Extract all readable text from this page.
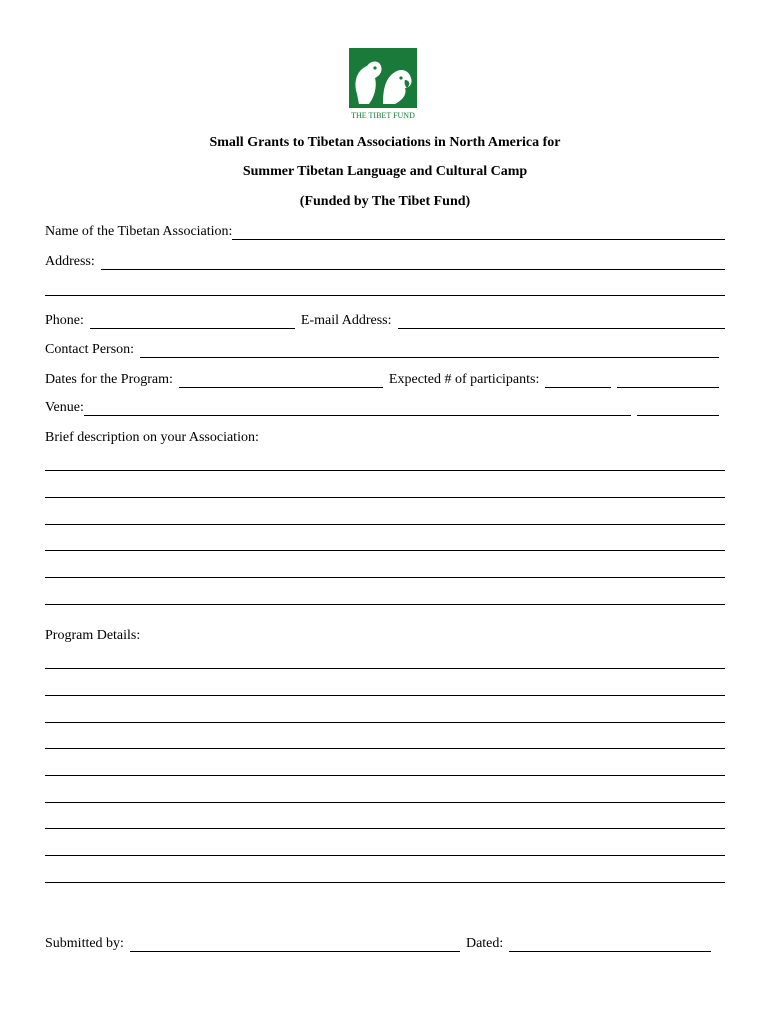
THE TIBET FUND
Small Grants to Tibetan Associations in North America for
Summer Tibetan Language and Cultural Camp
(Funded by The Tibet Fund)
Name of the Tibetan Association:
Address:
Phone:	E-mail Address:
Contact Person:
Dates for the Program:	Expected # of participants:
Venue:
Brief description on your Association:
Program Details:
Submitted by:	Dated:
